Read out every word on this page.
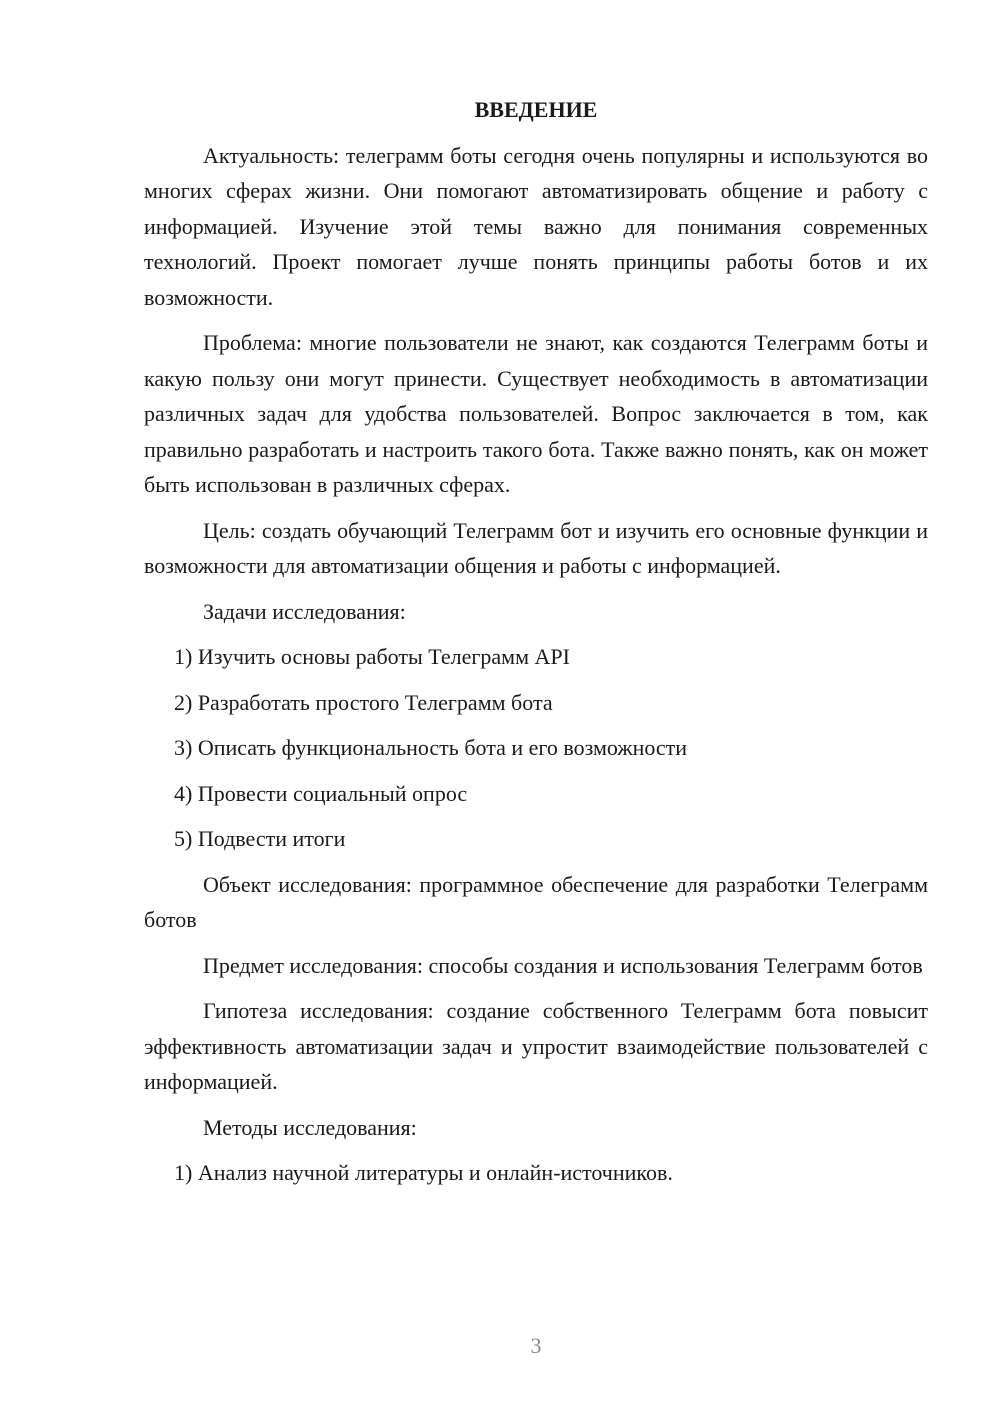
ВВЕДЕНИЕ

Актуальность: телеграмм боты сегодня очень популярны и используются во многих сферах жизни. Они помогают автоматизировать общение и работу с информацией. Изучение этой темы важно для понимания современных технологий. Проект помогает лучше понять принципы работы ботов и их возможности.

Проблема: многие пользователи не знают, как создаются Телеграмм боты и какую пользу они могут принести. Существует необходимость в автоматизации различных задач для удобства пользователей. Вопрос заключается в том, как правильно разработать и настроить такого бота. Также важно понять, как он может быть использован в различных сферах.

Цель: создать обучающий Телеграмм бот и изучить его основные функции и возможности для автоматизации общения и работы с информацией.

Задачи исследования:

1) Изучить основы работы Телеграмм API
2) Разработать простого Телеграмм бота
3) Описать функциональность бота и его возможности
4) Провести социальный опрос
5) Подвести итоги

Объект исследования: программное обеспечение для разработки Телеграмм ботов

Предмет исследования: способы создания и использования Телеграмм ботов

Гипотеза исследования: создание собственного Телеграмм бота повысит эффективность автоматизации задач и упростит взаимодействие пользователей с информацией.

Методы исследования:

1) Анализ научной литературы и онлайн-источников.
3
